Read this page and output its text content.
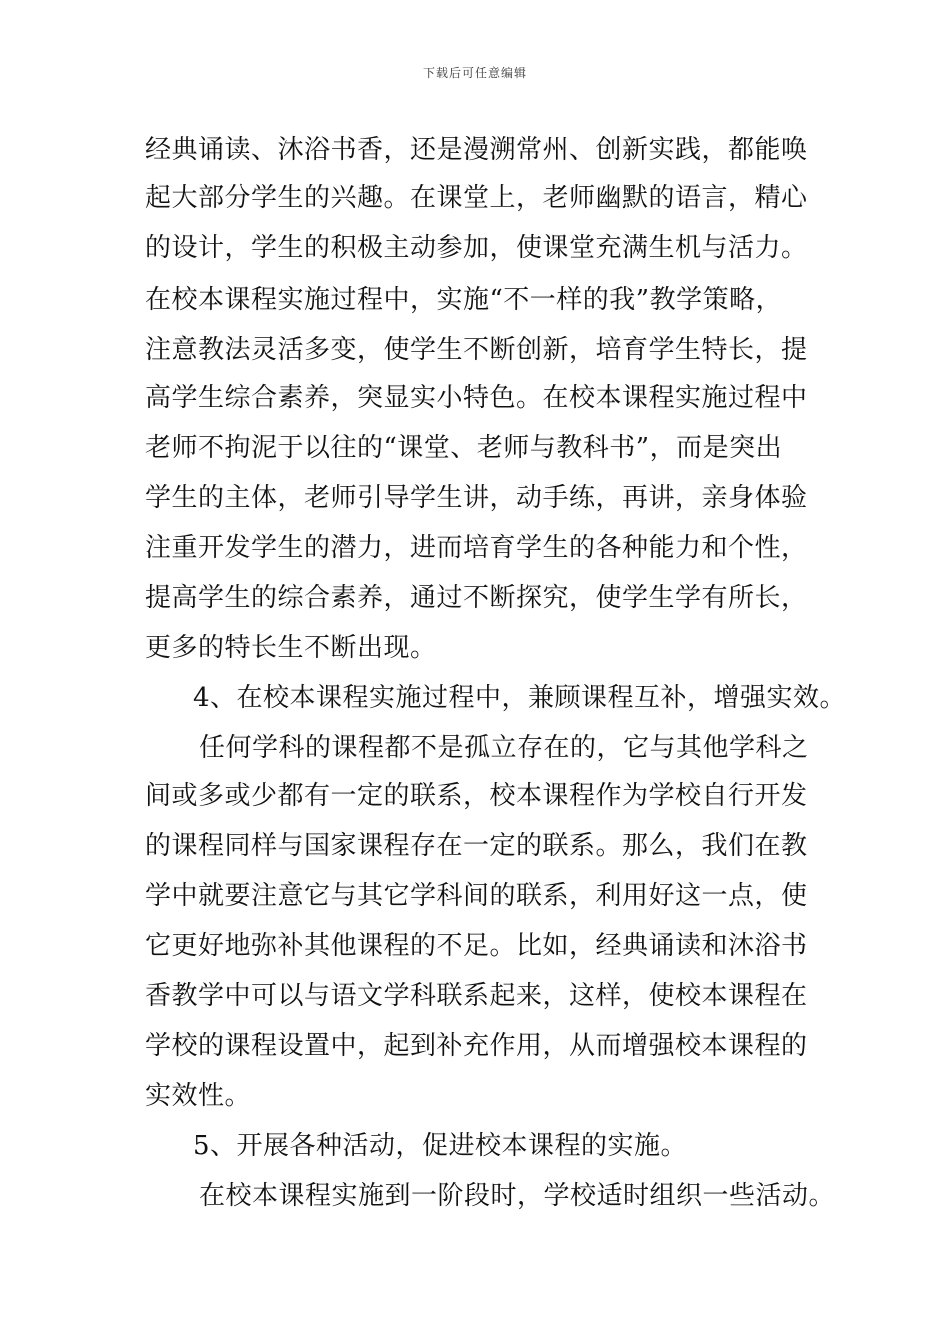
下载后可任意编辑
经典诵读、沐浴书香，还是漫溯常州、创新实践，都能唤
起大部分学生的兴趣。在课堂上，老师幽默的语言，精心
的设计，学生的积极主动参加，使课堂充满生机与活力。
在校本课程实施过程中，实施“不一样的我”教学策略，
注意教法灵活多变，使学生不断创新，培育学生特长，提
高学生综合素养，突显实小特色。在校本课程实施过程中
老师不拘泥于以往的“课堂、老师与教科书”，而是突出
学生的主体，老师引导学生讲，动手练，再讲，亲身体验
注重开发学生的潜力，进而培育学生的各种能力和个性，
提高学生的综合素养，通过不断探究，使学生学有所长，
更多的特长生不断出现。
4、在校本课程实施过程中，兼顾课程互补，增强实效。
任何学科的课程都不是孤立存在的，它与其他学科之
间或多或少都有一定的联系，校本课程作为学校自行开发
的课程同样与国家课程存在一定的联系。那么，我们在教
学中就要注意它与其它学科间的联系，利用好这一点，使
它更好地弥补其他课程的不足。比如，经典诵读和沐浴书
香教学中可以与语文学科联系起来，这样，使校本课程在
学校的课程设置中，起到补充作用，从而增强校本课程的
实效性。
5、开展各种活动，促进校本课程的实施。
在校本课程实施到一阶段时，学校适时组织一些活动。
